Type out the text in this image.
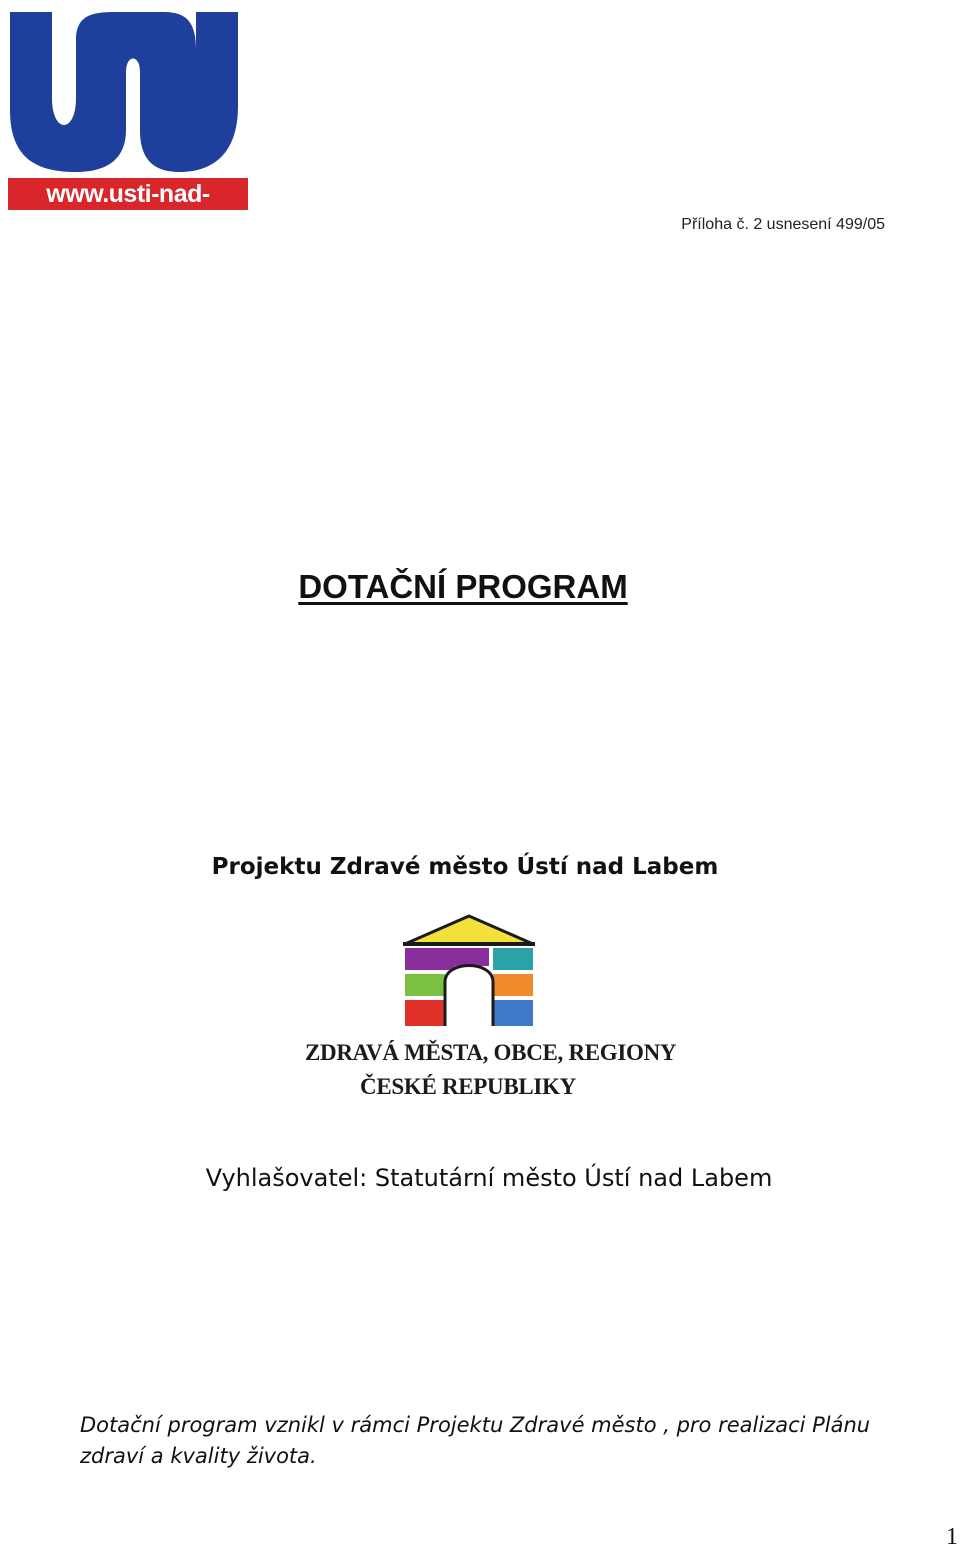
www.usti-nad-labem.cz	Příloha č. 2 usnesení 499/05
DOTAČNÍ PROGRAM
Projektu Zdravé město Ústí nad Labem
ZDRAVÁ MĚSTA, OBCE, REGIONY
ČESKÉ REPUBLIKY
Vyhlašovatel: Statutární město Ústí nad Labem
Dotační program vznikl v rámci Projektu Zdravé město , pro realizaci Plánu zdraví a kvality života.
1
